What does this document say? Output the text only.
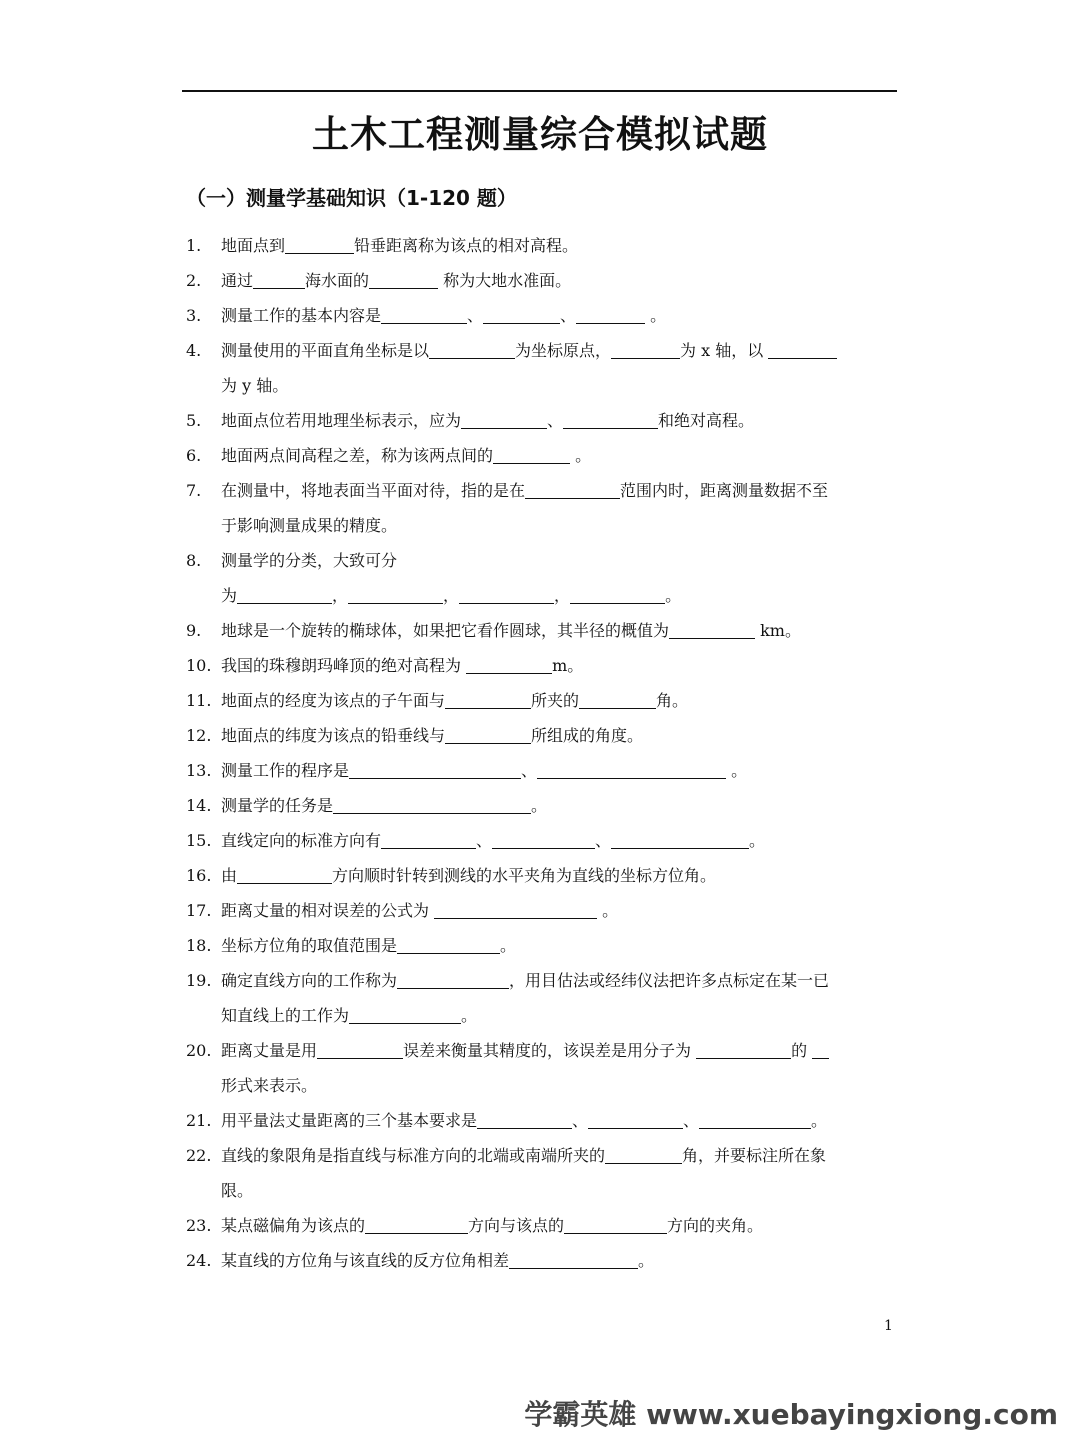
土木工程测量综合模拟试题
（一）测量学基础知识（1-120 题）
1.	地面点到	铅垂距离称为该点的相对高程。
2.	通过	海水面的	称为大地水准面。
3.	测量工作的基本内容是	、	、	。
4.	测量使用的平面直角坐标是以	为坐标原点，	为 x 轴，以
为 y 轴。
5.	地面点位若用地理坐标表示，应为	、	和绝对高程。
6.	地面两点间高程之差，称为该两点间的	。
7.	在测量中，将地表面当平面对待，指的是在	范围内时，距离测量数据不至
于影响测量成果的精度。
8.	测量学的分类，大致可分
为	，	，	，	。
9.	地球是一个旋转的椭球体，如果把它看作圆球，其半径的概值为	km。
10. 我国的珠穆朗玛峰顶的绝对高程为	m。
11. 地面点的经度为该点的子午面与	所夹的	角。
12. 地面点的纬度为该点的铅垂线与	所组成的角度。
13. 测量工作的程序是	、	。
14. 测量学的任务是	。
15. 直线定向的标准方向有	、	、	。
16. 由	方向顺时针转到测线的水平夹角为直线的坐标方位角。
17. 距离丈量的相对误差的公式为	。
18. 坐标方位角的取值范围是	。
19. 确定直线方向的工作称为	，用目估法或经纬仪法把许多点标定在某一已
知直线上的工作为	。
20. 距离丈量是用	误差来衡量其精度的，该误差是用分子为	的
形式来表示。
21. 用平量法丈量距离的三个基本要求是	、	、	。
22. 直线的象限角是指直线与标准方向的北端或南端所夹的	角，并要标注所在象
限。
23. 某点磁偏角为该点的	方向与该点的	方向的夹角。
24. 某直线的方位角与该直线的反方位角相差	。
1
学霸英雄 www.xuebayingxiong.com
